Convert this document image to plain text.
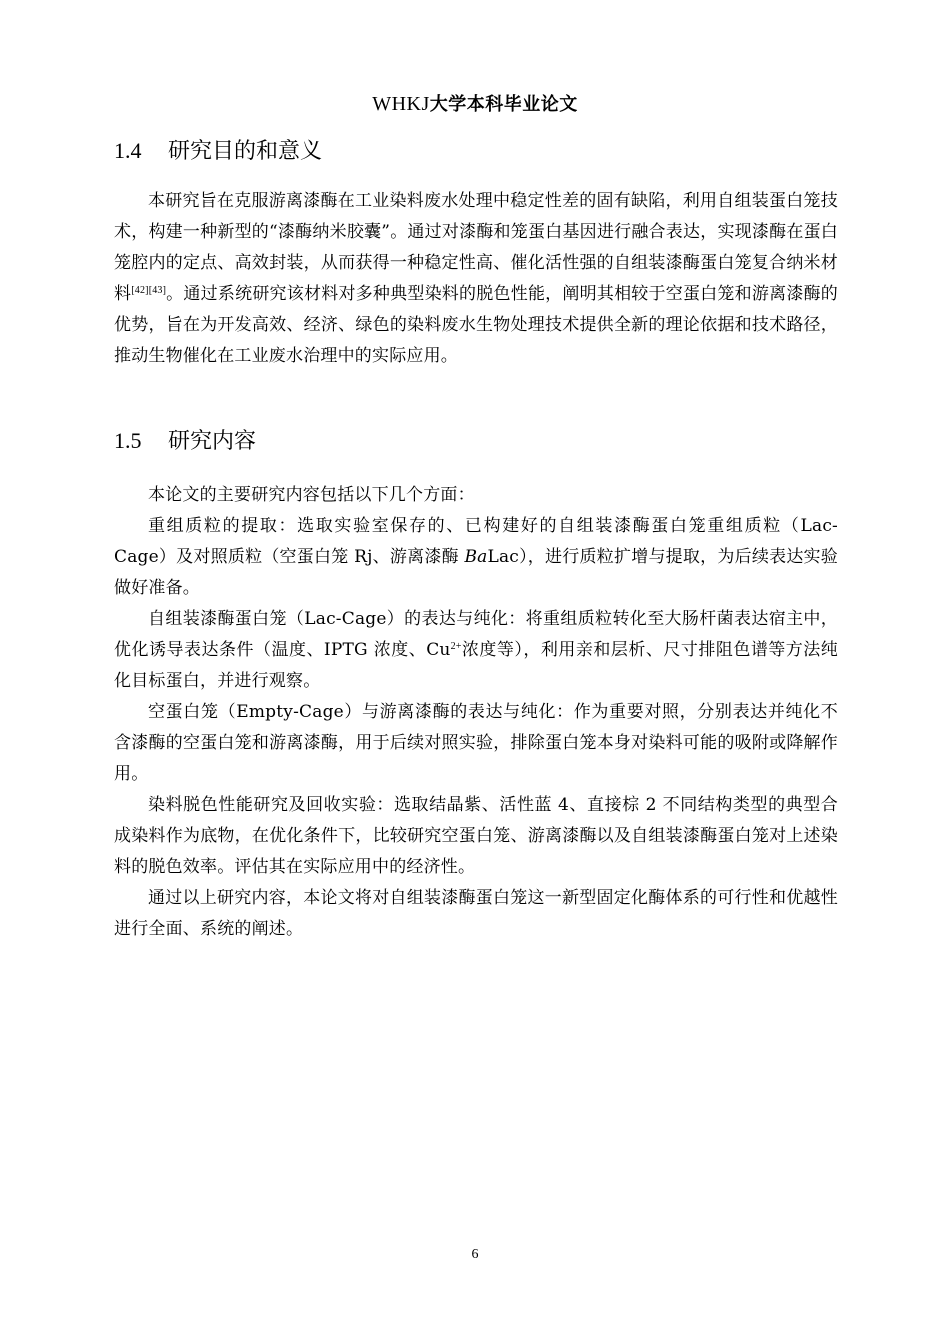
WHKJ大学本科毕业论文
1.4 研究目的和意义

本研究旨在克服游离漆酶在工业染料废水处理中稳定性差的固有缺陷，利用自组装蛋白笼技术，构建一种新型的“漆酶纳米胶囊”。通过对漆酶和笼蛋白基因进行融合表达，实现漆酶在蛋白笼腔内的定点、高效封装，从而获得一种稳定性高、催化活性强的自组装漆酶蛋白笼复合纳米材料[42][43]。通过系统研究该材料对多种典型染料的脱色性能，阐明其相较于空蛋白笼和游离漆酶的优势，旨在为开发高效、经济、绿色的染料废水生物处理技术提供全新的理论依据和技术路径，推动生物催化在工业废水治理中的实际应用。

1.5 研究内容

本论文的主要研究内容包括以下几个方面：

重组质粒的提取：选取实验室保存的、已构建好的自组装漆酶蛋白笼重组质粒（Lac-Cage）及对照质粒（空蛋白笼 Rj、游离漆酶 BaLac），进行质粒扩增与提取，为后续表达实验做好准备。

自组装漆酶蛋白笼（Lac-Cage）的表达与纯化：将重组质粒转化至大肠杆菌表达宿主中，优化诱导表达条件（温度、IPTG 浓度、$Cu^{2+}$浓度等），利用亲和层析、尺寸排阻色谱等方法纯化目标蛋白，并进行观察。

空蛋白笼（Empty-Cage）与游离漆酶的表达与纯化：作为重要对照，分别表达并纯化不含漆酶的空蛋白笼和游离漆酶，用于后续对照实验，排除蛋白笼本身对染料可能的吸附或降解作用。

染料脱色性能研究及回收实验：选取结晶紫、活性蓝 4、直接棕 2 不同结构类型的典型合成染料作为底物，在优化条件下，比较研究空蛋白笼、游离漆酶以及自组装漆酶蛋白笼对上述染料的脱色效率。评估其在实际应用中的经济性。

通过以上研究内容，本论文将对自组装漆酶蛋白笼这一新型固定化酶体系的可行性和优越性进行全面、系统的阐述。

6
